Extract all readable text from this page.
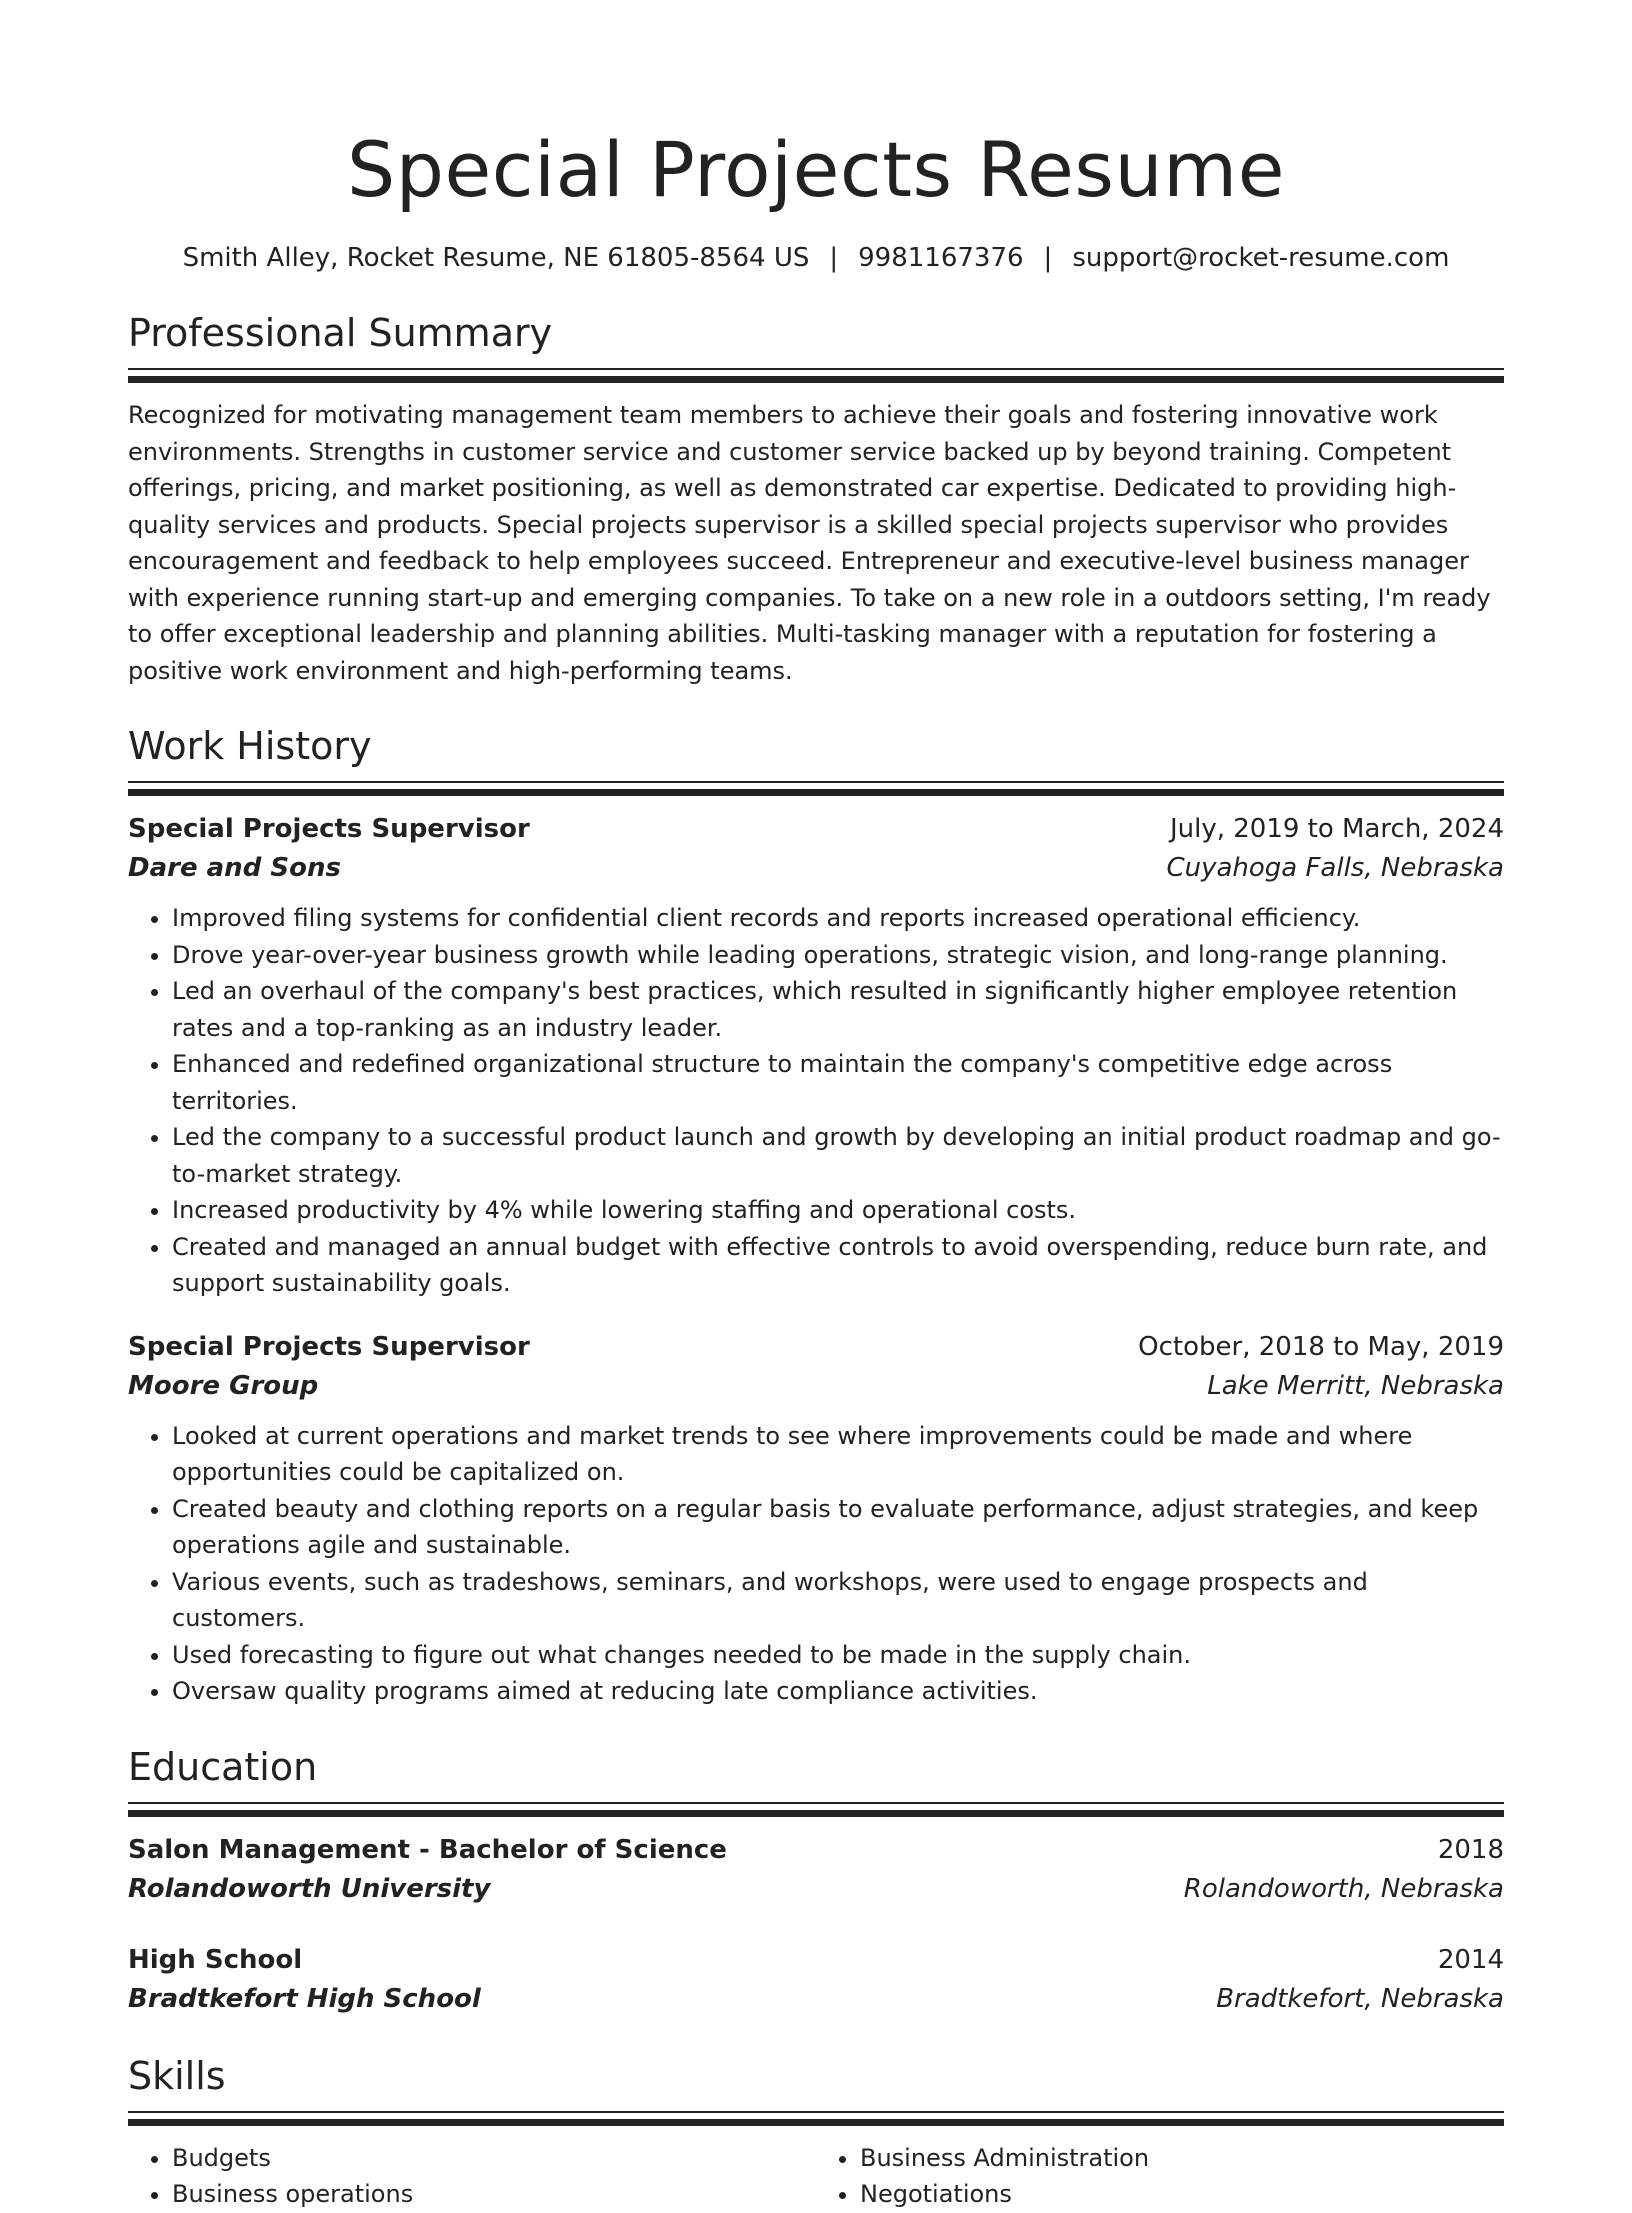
Special Projects Resume
Smith Alley, Rocket Resume, NE 61805-8564 US | 9981167376 | support@rocket-resume.com
Professional Summary

Recognized for motivating management team members to achieve their goals and fostering innovative work environments. Strengths in customer service and customer service backed up by beyond training. Competent offerings, pricing, and market positioning, as well as demonstrated car expertise. Dedicated to providing high-quality services and products. Special projects supervisor is a skilled special projects supervisor who provides encouragement and feedback to help employees succeed. Entrepreneur and executive-level business manager with experience running start-up and emerging companies. To take on a new role in a outdoors setting, I'm ready to offer exceptional leadership and planning abilities. Multi-tasking manager with a reputation for fostering a positive work environment and high-performing teams.

Work History
Special Projects Supervisor	July, 2019 to March, 2024
Dare and Sons	Cuyahoga Falls, Nebraska
• Improved filing systems for confidential client records and reports increased operational efficiency.
• Drove year-over-year business growth while leading operations, strategic vision, and long-range planning.
• Led an overhaul of the company's best practices, which resulted in significantly higher employee retention rates and a top-ranking as an industry leader.
• Enhanced and redefined organizational structure to maintain the company's competitive edge across territories.
• Led the company to a successful product launch and growth by developing an initial product roadmap and go-to-market strategy.
• Increased productivity by 4% while lowering staffing and operational costs.
• Created and managed an annual budget with effective controls to avoid overspending, reduce burn rate, and support sustainability goals.
Special Projects Supervisor	October, 2018 to May, 2019
Moore Group	Lake Merritt, Nebraska
• Looked at current operations and market trends to see where improvements could be made and where opportunities could be capitalized on.
• Created beauty and clothing reports on a regular basis to evaluate performance, adjust strategies, and keep operations agile and sustainable.
• Various events, such as tradeshows, seminars, and workshops, were used to engage prospects and customers.
• Used forecasting to figure out what changes needed to be made in the supply chain.
• Oversaw quality programs aimed at reducing late compliance activities.
Education
Salon Management - Bachelor of Science	2018
Rolandoworth University	Rolandoworth, Nebraska
High School	2014
Bradtkefort High School	Bradtkefort, Nebraska
Skills
• Budgets
• Business operations
• Business Administration
• Negotiations
